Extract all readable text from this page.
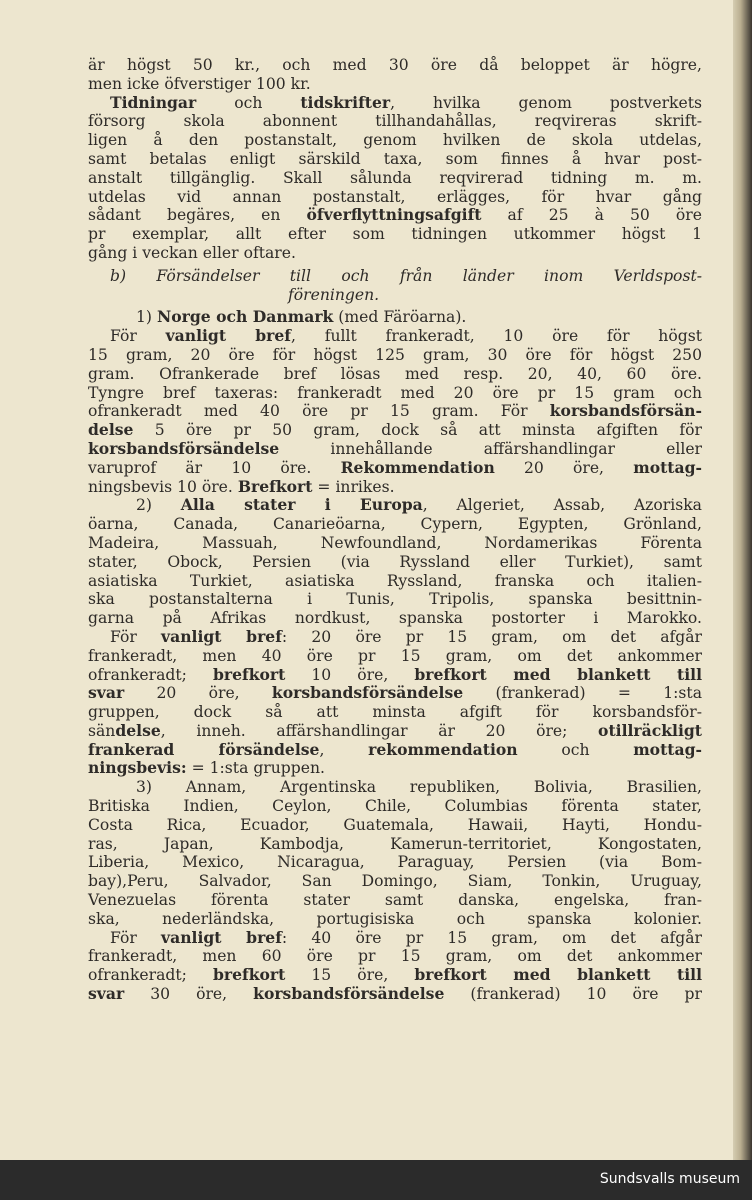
är högst 50 kr., och med 30 öre då beloppet är högre,
men icke öfverstiger 100 kr.
Tidningar och tidskrifter, hvilka genom postverkets
försorg skola abonnent tillhandahållas, reqvireras skrift-
ligen å den postanstalt, genom hvilken de skola utdelas,
samt betalas enligt särskild taxa, som finnes å hvar post-
anstalt tillgänglig. Skall sålunda reqvirerad tidning m. m.
utdelas vid annan postanstalt, erlägges, för hvar gång
sådant begäres, en öfverflyttningsafgift af 25 à 50 öre
pr exemplar, allt efter som tidningen utkommer högst 1
gång i veckan eller oftare.
b) Försändelser till och från länder inom Verldspost-
föreningen.
1) Norge och Danmark (med Färöarna).
För vanligt bref, fullt frankeradt, 10 öre för högst
15 gram, 20 öre för högst 125 gram, 30 öre för högst 250
gram. Ofrankerade bref lösas med resp. 20, 40, 60 öre.
Tyngre bref taxeras: frankeradt med 20 öre pr 15 gram och
ofrankeradt med 40 öre pr 15 gram. För korsbandsförsän-
delse 5 öre pr 50 gram, dock så att minsta afgiften för
korsbandsförsändelse innehållande affärshandlingar eller
varuprof är 10 öre. Rekommendation 20 öre, mottag-
ningsbevis 10 öre. Brefkort = inrikes.
2) Alla stater i Europa, Algeriet, Assab, Azoriska
öarna, Canada, Canarieöarna, Cypern, Egypten, Grönland,
Madeira, Massuah, Newfoundland, Nordamerikas Förenta
stater, Obock, Persien (via Ryssland eller Turkiet), samt
asiatiska Turkiet, asiatiska Ryssland, franska och italien-
ska postanstalterna i Tunis, Tripolis, spanska besittnin-
garna på Afrikas nordkust, spanska postorter i Marokko.
För vanligt bref: 20 öre pr 15 gram, om det afgår
frankeradt, men 40 öre pr 15 gram, om det ankommer
ofrankeradt; brefkort 10 öre, brefkort med blankett till
svar 20 öre, korsbandsförsändelse (frankerad) = 1:sta
gruppen, dock så att minsta afgift för korsbandsför-
sändelse, inneh. affärshandlingar är 20 öre; otillräckligt
frankerad försändelse, rekommendation och mottag-
ningsbevis: = 1:sta gruppen.
3) Annam, Argentinska republiken, Bolivia, Brasilien,
Britiska Indien, Ceylon, Chile, Columbias förenta stater,
Costa Rica, Ecuador, Guatemala, Hawaii, Hayti, Hondu-
ras, Japan, Kambodja, Kamerun-territoriet, Kongostaten,
Liberia, Mexico, Nicaragua, Paraguay, Persien (via Bom-
bay),Peru, Salvador, San Domingo, Siam, Tonkin, Uruguay,
Venezuelas förenta stater samt danska, engelska, fran-
ska, nederländska, portugisiska och spanska kolonier.
För vanligt bref: 40 öre pr 15 gram, om det afgår
frankeradt, men 60 öre pr 15 gram, om det ankommer
ofrankeradt; brefkort 15 öre, brefkort med blankett till
svar 30 öre, korsbandsförsändelse (frankerad) 10 öre pr
Sundsvalls museum
